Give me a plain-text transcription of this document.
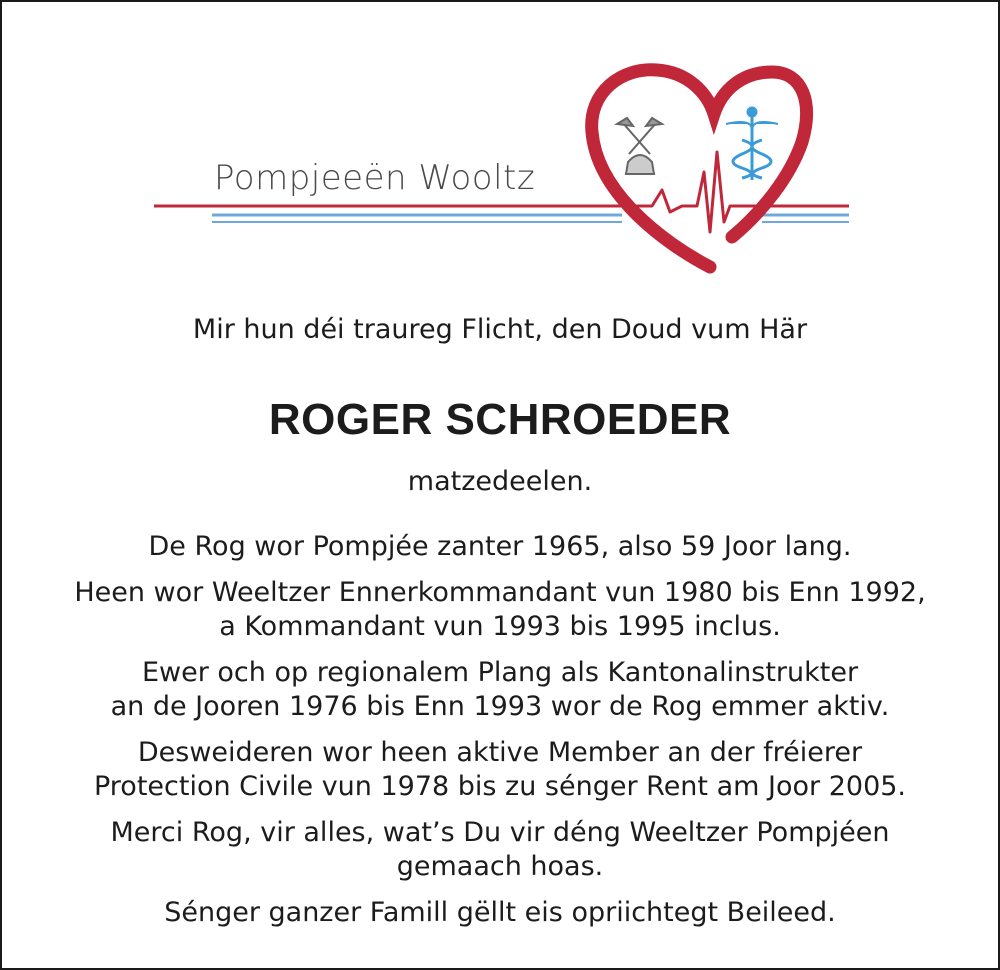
Pompjeeën Wooltz

Mir hun déi traureg Flicht, den Doud vum Här

ROGER SCHROEDER

matzedeelen.

De Rog wor Pompjée zanter 1965, also 59 Joor lang.
Heen wor Weeltzer Ennerkommandant vun 1980 bis Enn 1992,
a Kommandant vun 1993 bis 1995 inclus.
Ewer och op regionalem Plang als Kantonalinstrukter
an de Jooren 1976 bis Enn 1993 wor de Rog emmer aktiv.
Desweideren wor heen aktive Member an der fréierer
Protection Civile vun 1978 bis zu sénger Rent am Joor 2005.
Merci Rog, vir alles, wat’s Du vir déng Weeltzer Pompjéen
gemaach hoas.
Sénger ganzer Famill gëllt eis opriichtegt Beileed.
